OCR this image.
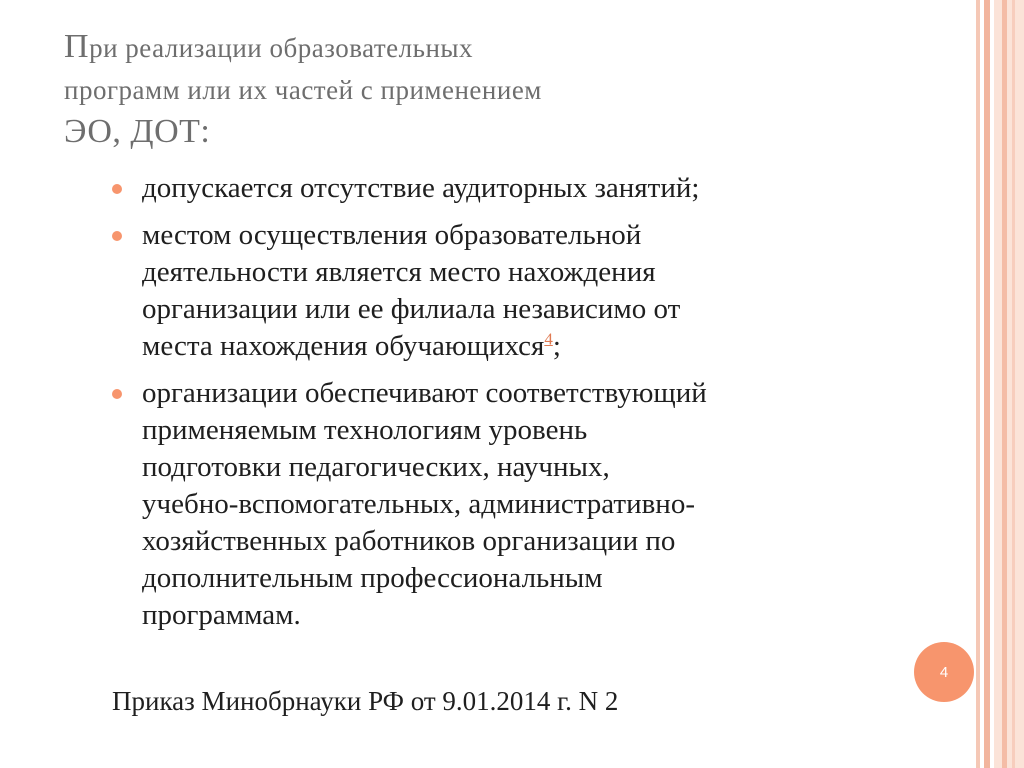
При реализации образовательных
программ или их частей с применением
ЭО, ДОТ:
допускается отсутствие аудиторных занятий;
местом осуществления образовательной
деятельности является место нахождения
организации или ее филиала независимо от
места нахождения обучающихся$^4$;
организации обеспечивают соответствующий
применяемым технологиям уровень
подготовки педагогических, научных,
учебно-вспомогательных, административно-
хозяйственных работников организации по
дополнительным профессиональным
программам.
Приказ Минобрнауки РФ от 9.01.2014 г. N 2
4
